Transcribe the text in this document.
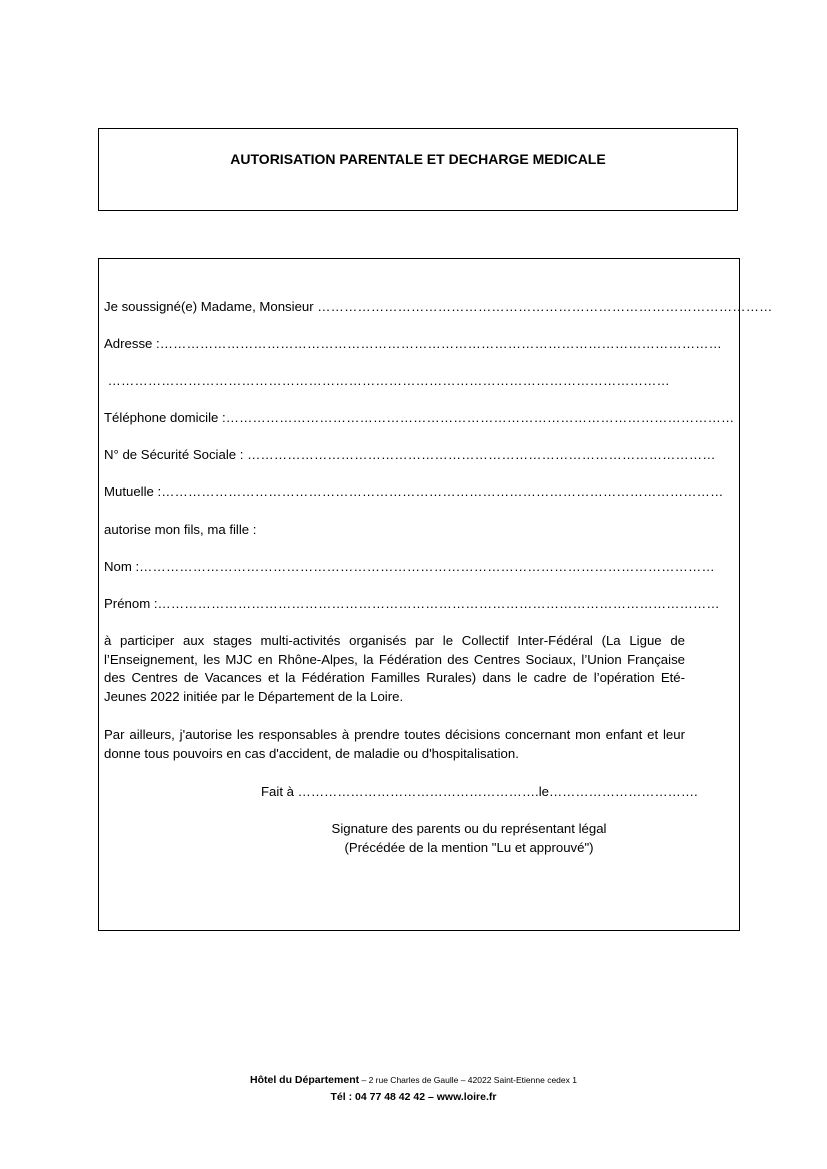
AUTORISATION PARENTALE ET DECHARGE MEDICALE
Je soussigné(e) Madame, Monsieur …………………………………………………………………………………………
Adresse :………………………………………………………………………………………………………………
………………………………………………………………………………………………………………
Téléphone domicile :……………………………………………………………………………………………………
N° de Sécurité Sociale : ……………………………………………………………………………………………
Mutuelle :………………………………………………………………………………………………………………
autorise mon fils, ma fille :
Nom :…………………………………………………………………………………………………………………
Prénom :………………………………………………………………………………………………………………
à participer aux stages multi-activités organisés par le Collectif Inter-Fédéral (La Ligue de l’Enseignement, les MJC en Rhône-Alpes, la Fédération des Centres Sociaux, l’Union Française des Centres de Vacances et la Fédération Familles Rurales) dans le cadre de l’opération Eté-Jeunes 2022 initiée par le Département de la Loire.
Par ailleurs, j'autorise les responsables à prendre toutes décisions concernant mon enfant et leur donne tous pouvoirs en cas d'accident, de maladie ou d'hospitalisation.
Fait à ……………………………………………….le…………………………….
Signature des parents ou du représentant légal
(Précédée de la mention "Lu et approuvé")
Hôtel du Département – 2 rue Charles de Gaulle – 42022 Saint-Etienne cedex 1
Tél : 04 77 48 42 42 – www.loire.fr
